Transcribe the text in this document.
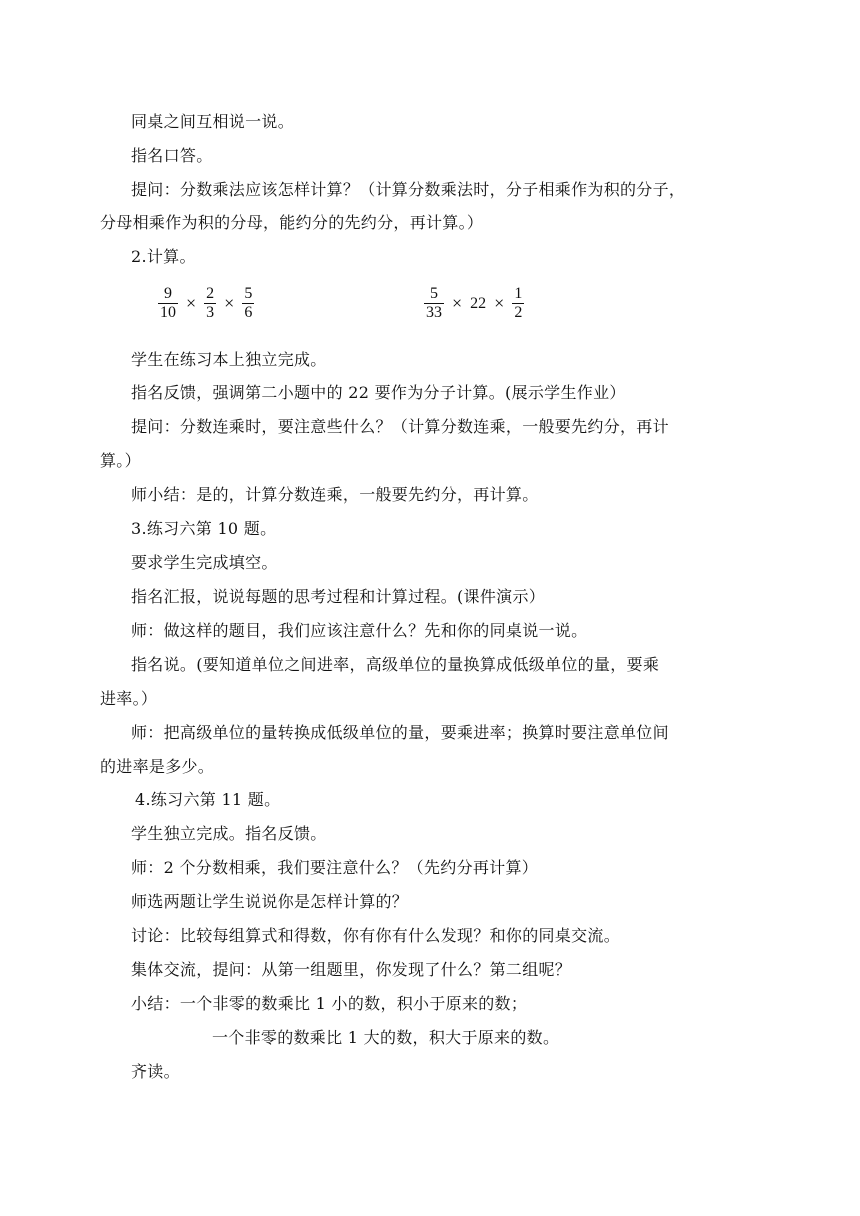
同桌之间互相说一说。
指名口答。
提问：分数乘法应该怎样计算？（计算分数乘法时，分子相乘作为积的分子，
分母相乘作为积的分母，能约分的先约分，再计算。）
2.计算。
$\frac{9}{10} \times \frac{2}{3} \times \frac{5}{6}$	$\frac{5}{33} \times 22 \times \frac{1}{2}$
学生在练习本上独立完成。
指名反馈，强调第二小题中的 22 要作为分子计算。(展示学生作业）
提问：分数连乘时，要注意些什么？（计算分数连乘，一般要先约分，再计
算。）
师小结：是的，计算分数连乘，一般要先约分，再计算。
3.练习六第 10 题。
要求学生完成填空。
指名汇报，说说每题的思考过程和计算过程。(课件演示）
师：做这样的题目，我们应该注意什么？先和你的同桌说一说。
指名说。(要知道单位之间进率，高级单位的量换算成低级单位的量，要乘
进率。）
师：把高级单位的量转换成低级单位的量，要乘进率；换算时要注意单位间
的进率是多少。
4.练习六第 11 题。
学生独立完成。指名反馈。
师：2 个分数相乘，我们要注意什么？（先约分再计算）
师选两题让学生说说你是怎样计算的？
讨论：比较每组算式和得数，你有你有什么发现？和你的同桌交流。
集体交流，提问：从第一组题里，你发现了什么？第二组呢？
小结：一个非零的数乘比 1 小的数，积小于原来的数；
一个非零的数乘比 1 大的数，积大于原来的数。
齐读。
